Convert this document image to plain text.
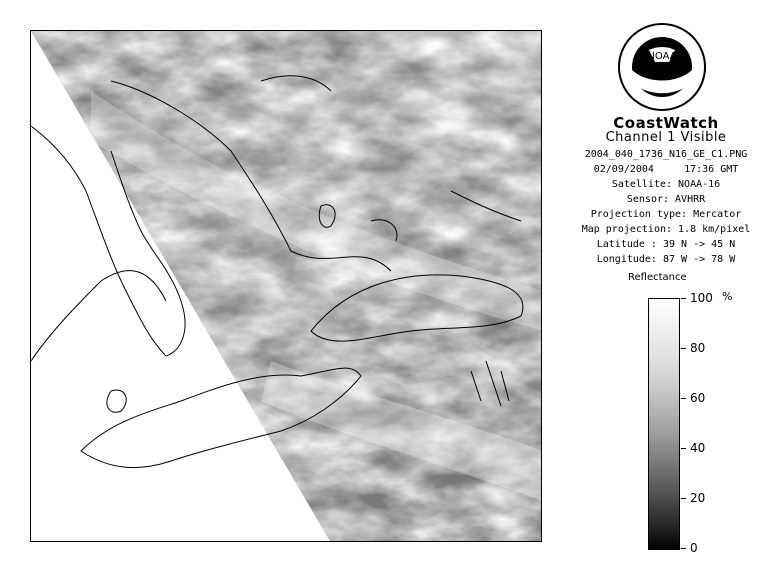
NOAA
CoastWatch
Channel 1 Visible
2004_040_1736_N16_GE_C1.PNG
02/09/2004	17:36 GMT
Satellite: NOAA-16
Sensor: AVHRR
Projection type: Mercator
Map projection: 1.8 km/pixel
Latitude : 39 N -> 45 N
Longitude: 87 W -> 78 W
Reflectance
%
100
80
60
40
20
0
